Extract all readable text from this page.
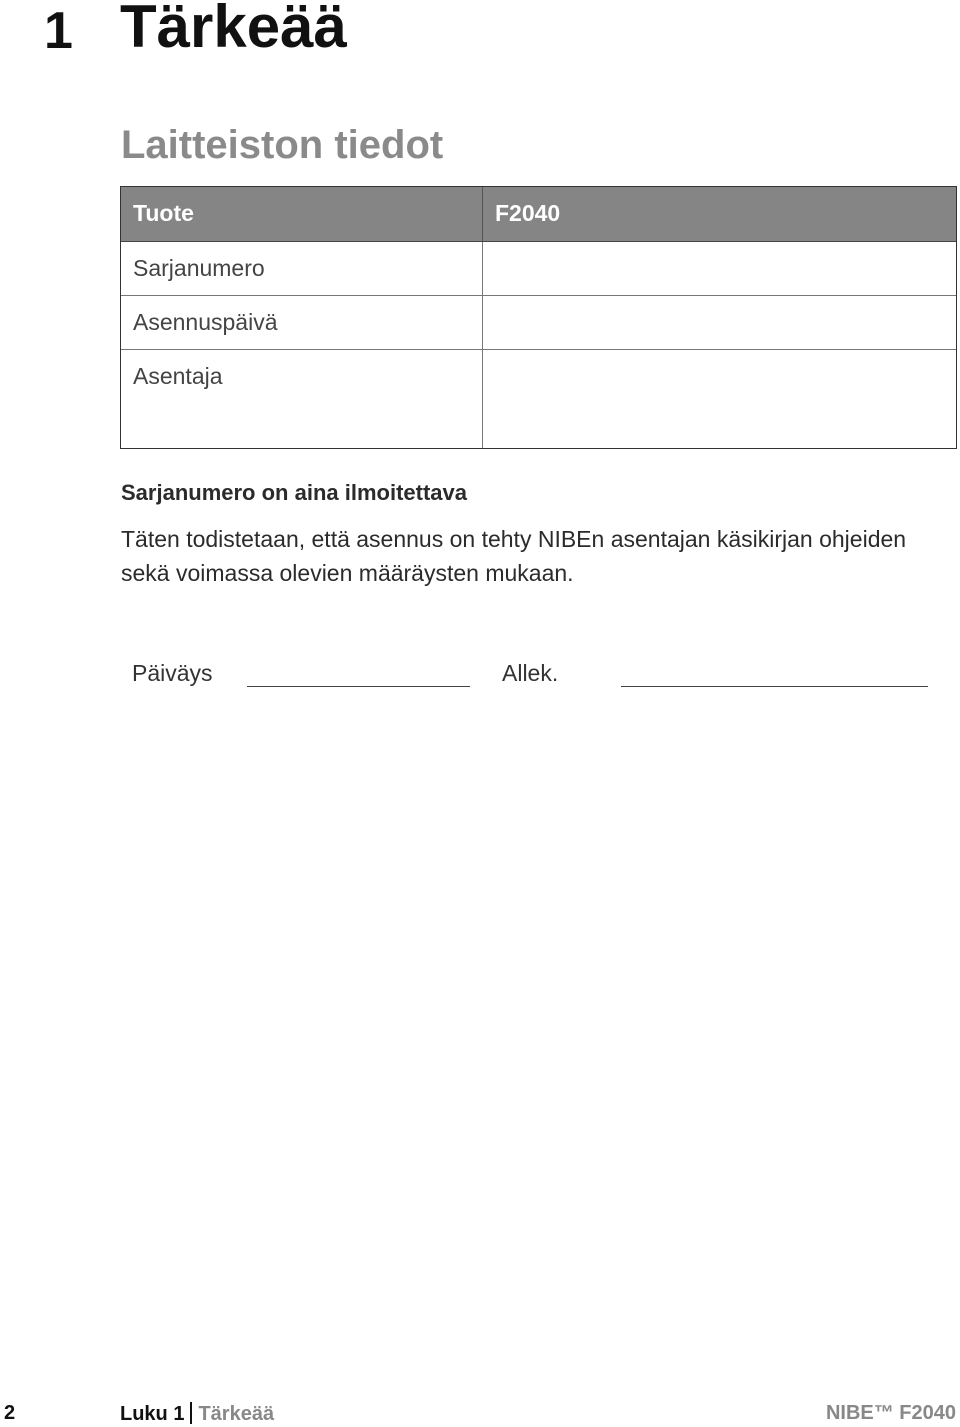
1 Tärkeää
Laitteiston tiedot
Tuote	F2040
Sarjanumero
Asennuspäivä
Asentaja
Sarjanumero on aina ilmoitettava
Täten todistetaan, että asennus on tehty NIBEn asentajan käsikirjan ohjeiden sekä voimassa olevien määräysten mukaan.
Päiväys	Allek.
2	Luku 1 Tärkeää	NIBE™ F2040
